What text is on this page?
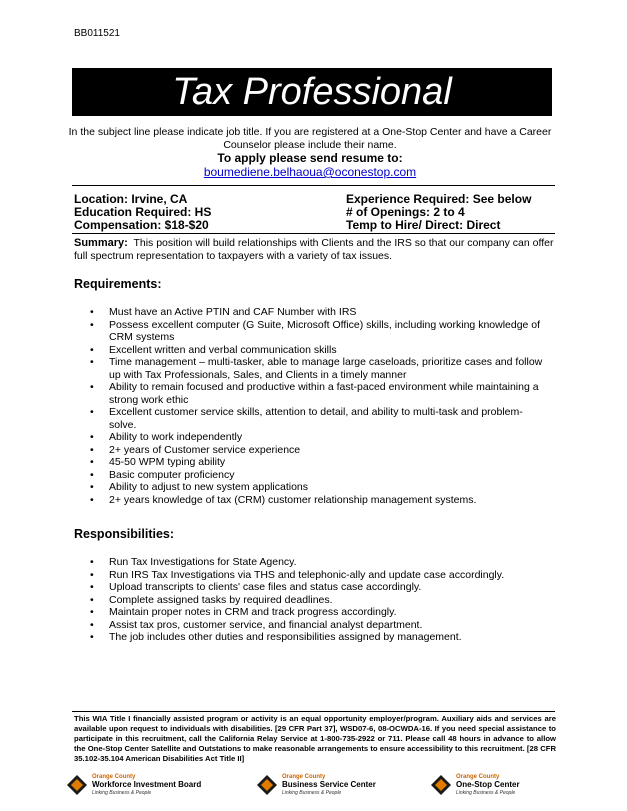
BB011521
Tax Professional
In the subject line please indicate job title. If you are registered at a One-Stop Center and have a Career Counselor please include their name.
To apply please send resume to:
boumediene.belhaoua@oconestop.com
Location: Irvine, CA
Education Required: HS
Compensation: $18-$20
Experience Required: See below
# of Openings: 2 to 4
Temp to Hire/ Direct: Direct
Summary: This position will build relationships with Clients and the IRS so that our company can offer full spectrum representation to taxpayers with a variety of tax issues.
Requirements:
• Must have an Active PTIN and CAF Number with IRS
• Possess excellent computer (G Suite, Microsoft Office) skills, including working knowledge of CRM systems
• Excellent written and verbal communication skills
• Time management – multi-tasker, able to manage large caseloads, prioritize cases and follow up with Tax Professionals, Sales, and Clients in a timely manner
• Ability to remain focused and productive within a fast-paced environment while maintaining a strong work ethic
• Excellent customer service skills, attention to detail, and ability to multi-task and problem-solve.
• Ability to work independently
• 2+ years of Customer service experience
• 45-50 WPM typing ability
• Basic computer proficiency
• Ability to adjust to new system applications
• 2+ years knowledge of tax (CRM) customer relationship management systems.
Responsibilities:
• Run Tax Investigations for State Agency.
• Run IRS Tax Investigations via THS and telephonic-ally and update case accordingly.
• Upload transcripts to clients' case files and status case accordingly.
• Complete assigned tasks by required deadlines.
• Maintain proper notes in CRM and track progress accordingly.
• Assist tax pros, customer service, and financial analyst department.
• The job includes other duties and responsibilities assigned by management.
This WIA Title I financially assisted program or activity is an equal opportunity employer/program. Auxiliary aids and services are available upon request to individuals with disabilities. [29 CFR Part 37], WSD07-6, 08-OCWDA-16. If you need special assistance to participate in this recruitment, call the California Relay Service at 1-800-735-2922 or 711. Please call 48 hours in advance to allow the One-Stop Center Satellite and Outstations to make reasonable arrangements to ensure accessibility to this recruitment. [28 CFR 35.102-35.104 American Disabilities Act Title II]
Orange County
Workforce Investment Board
Linking Business & People
Orange County
Business Service Center
Linking Business & People
Orange County
One-Stop Center
Linking Business & People
